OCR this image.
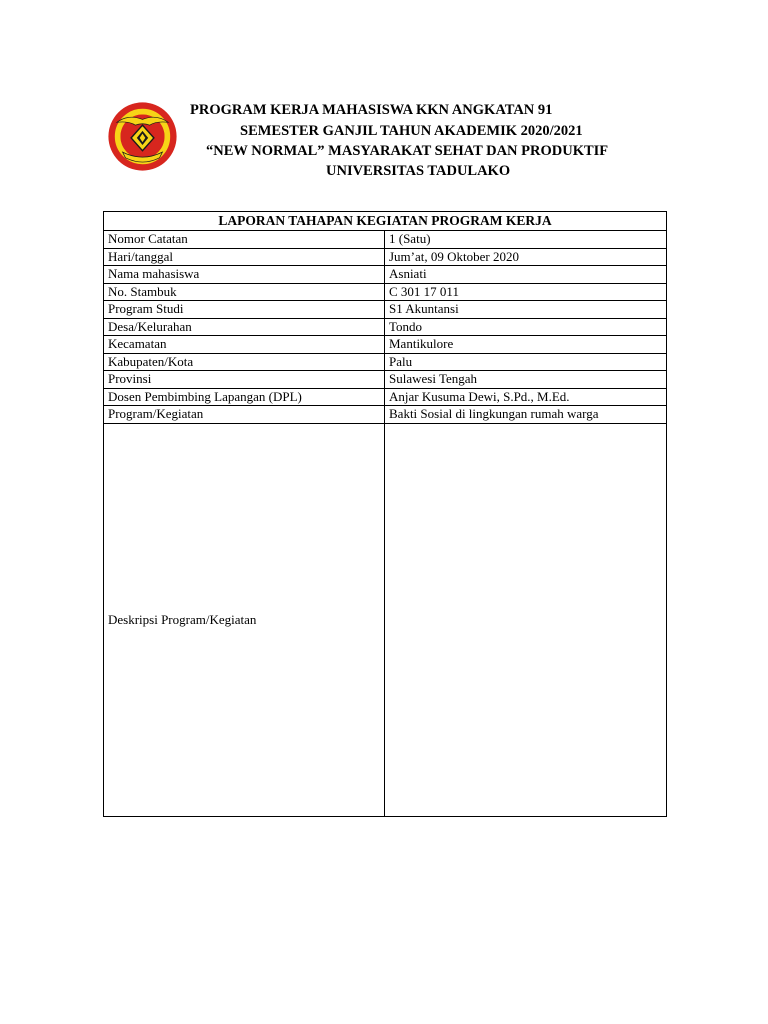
PROGRAM KERJA MAHASISWA KKN ANGKATAN 91
SEMESTER GANJIL TAHUN AKADEMIK 2020/2021
“NEW NORMAL” MASYARAKAT SEHAT DAN PRODUKTIF
UNIVERSITAS TADULAKO
LAPORAN TAHAPAN KEGIATAN PROGRAM KERJA	
Nomor Catatan	1 (Satu)
Hari/tanggal	Jum’at, 09 Oktober 2020
Nama mahasiswa	Asniati
No. Stambuk	C 301 17 011
Program Studi	S1 Akuntansi
Desa/Kelurahan	Tondo
Kecamatan	Mantikulore
Kabupaten/Kota	Palu
Provinsi	Sulawesi Tengah
Dosen Pembimbing Lapangan (DPL)	Anjar Kusuma Dewi, S.Pd., M.Ed.
Program/Kegiatan	Bakti Sosial di lingkungan rumah warga
Deskripsi Program/Kegiatan	
